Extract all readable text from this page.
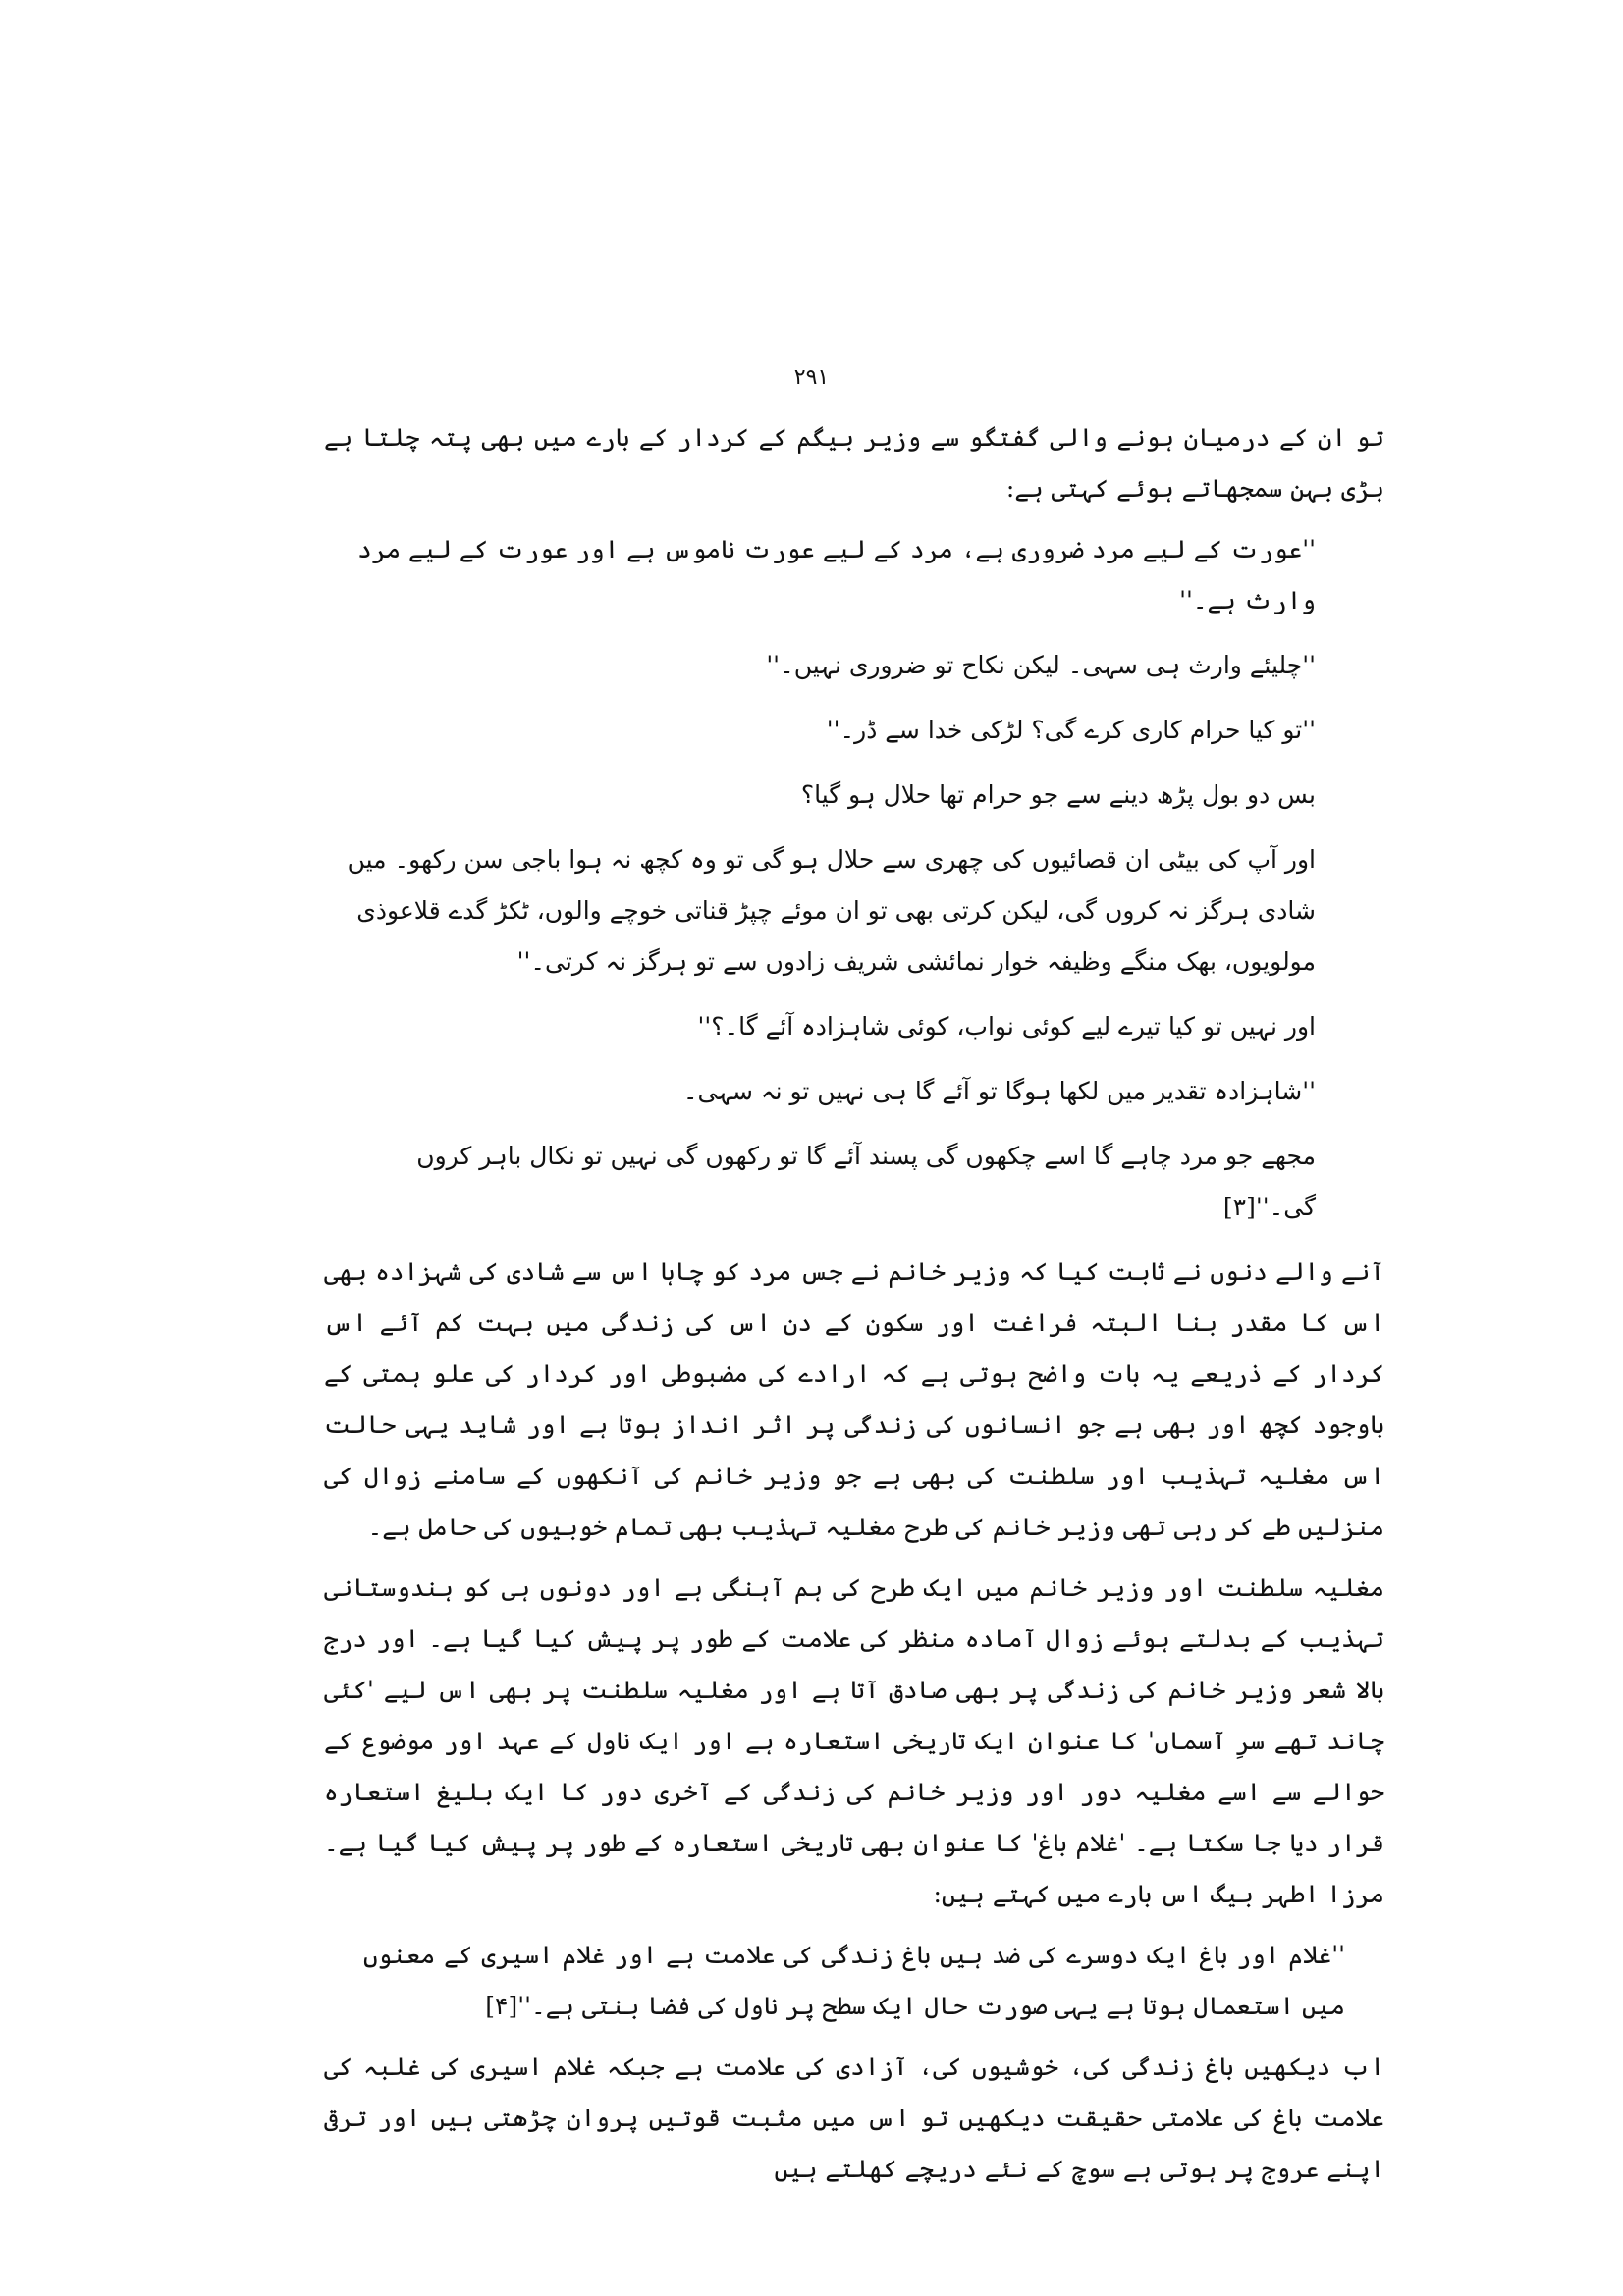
۲۹۱

تو ان کے درمیان ہونے والی گفتگو سے وزیر بیگم کے کردار کے بارے میں بھی پتہ چلتا ہے بڑی بہن سمجھاتے ہوئے کہتی ہے:

''عورت کے لیے مرد ضروری ہے، مرد کے لیے عورت ناموس ہے اور عورت کے لیے مرد وارث ہے۔''

''چلیئے وارث ہی سہی۔ لیکن نکاح تو ضروری نہیں۔''

''تو کیا حرام کاری کرے گی؟ لڑکی خدا سے ڈر۔''

بس دو بول پڑھ دینے سے جو حرام تھا حلال ہو گیا؟

اور آپ کی بیٹی ان قصائیوں کی چھری سے حلال ہو گی تو وہ کچھ نہ ہوا باجی سن رکھو۔ میں شادی ہرگز نہ کروں گی، لیکن کرتی بھی تو ان موئے چپڑ قناتی خوچے والوں، ٹکڑ گدے قلاعوذی مولویوں، بھک منگے وظیفہ خوار نمائشی شریف زادوں سے تو ہرگز نہ کرتی۔''

اور نہیں تو کیا تیرے لیے کوئی نواب، کوئی شاہزادہ آئے گا۔؟''

''شاہزادہ تقدیر میں لکھا ہوگا تو آئے گا ہی نہیں تو نہ سہی۔

مجھے جو مرد چاہے گا اسے چکھوں گی پسند آئے گا تو رکھوں گی نہیں تو نکال باہر کروں گی۔''[۳]

آنے والے دنوں نے ثابت کیا کہ وزیر خانم نے جس مرد کو چاہا اس سے شادی کی شہزادہ بھی اس کا مقدر بنا البتہ فراغت اور سکون کے دن اس کی زندگی میں بہت کم آئے اس کردار کے ذریعے یہ بات واضح ہوتی ہے کہ ارادے کی مضبوطی اور کردار کی علو ہمتی کے باوجود کچھ اور بھی ہے جو انسانوں کی زندگی پر اثر انداز ہوتا ہے اور شاید یہی حالت اس مغلیہ تہذیب اور سلطنت کی بھی ہے جو وزیر خانم کی آنکھوں کے سامنے زوال کی منزلیں طے کر رہی تھی وزیر خانم کی طرح مغلیہ تہذیب بھی تمام خوبیوں کی حامل ہے۔

مغلیہ سلطنت اور وزیر خانم میں ایک طرح کی ہم آہنگی ہے اور دونوں ہی کو ہندوستانی تہذیب کے بدلتے ہوئے زوال آمادہ منظر کی علامت کے طور پر پیش کیا گیا ہے۔ اور درج بالا شعر وزیر خانم کی زندگی پر بھی صادق آتا ہے اور مغلیہ سلطنت پر بھی اس لیے 'کئی چاند تھے سرِ آسماں' کا عنوان ایک تاریخی استعارہ ہے اور ایک ناول کے عہد اور موضوع کے حوالے سے اسے مغلیہ دور اور وزیر خانم کی زندگی کے آخری دور کا ایک بلیغ استعارہ قرار دیا جا سکتا ہے۔ 'غلام باغ' کا عنوان بھی تاریخی استعارہ کے طور پر پیش کیا گیا ہے۔ مرزا اطہر بیگ اس بارے میں کہتے ہیں:

''غلام اور باغ ایک دوسرے کی ضد ہیں باغ زندگی کی علامت ہے اور غلام اسیری کے معنوں میں استعمال ہوتا ہے یہی صورت حال ایک سطح پر ناول کی فضا بنتی ہے۔''[۴]

اب دیکھیں باغ زندگی کی، خوشیوں کی، آزادی کی علامت ہے جبکہ غلام اسیری کی غلبہ کی علامت باغ کی علامتی حقیقت دیکھیں تو اس میں مثبت قوتیں پروان چڑھتی ہیں اور ترقی اپنے عروج پر ہوتی ہے سوچ کے نئے دریچے کھلتے ہیں
